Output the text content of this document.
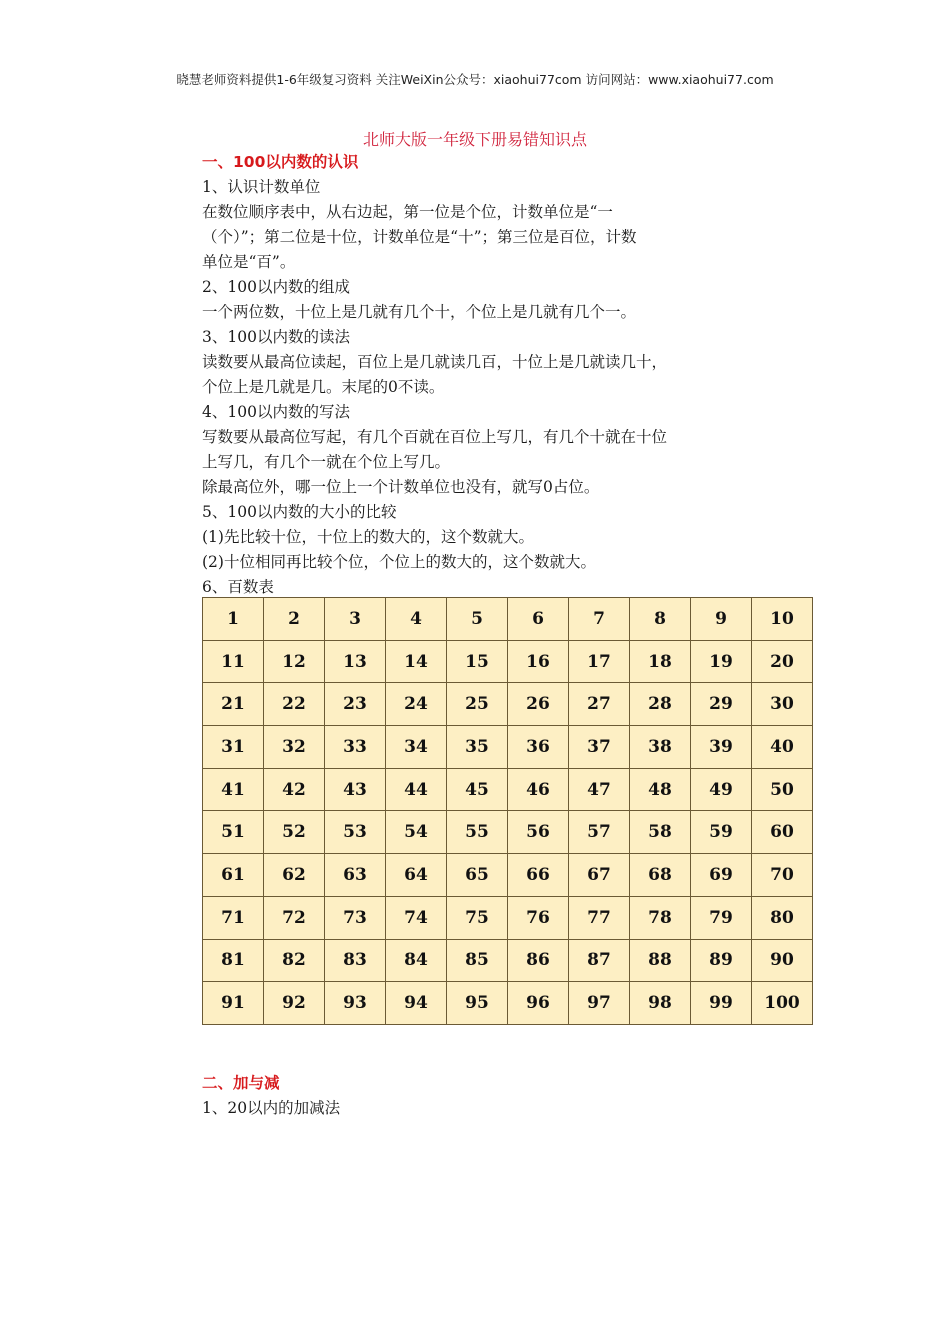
晓慧老师资料提供1-6年级复习资料 关注WeiXin公众号：xiaohui77com 访问网站：www.xiaohui77.com
北师大版一年级下册易错知识点
一、100以内数的认识
1、认识计数单位
在数位顺序表中，从右边起，第一位是个位，计数单位是“一
（个）”；第二位是十位，计数单位是“十”；第三位是百位，计数
单位是“百”。
2、100以内数的组成
一个两位数，十位上是几就有几个十，个位上是几就有几个一。
3、100以内数的读法
读数要从最高位读起，百位上是几就读几百，十位上是几就读几十，
个位上是几就是几。末尾的0不读。
4、100以内数的写法
写数要从最高位写起，有几个百就在百位上写几，有几个十就在十位
上写几，有几个一就在个位上写几。
除最高位外，哪一位上一个计数单位也没有，就写0占位。
5、100以内数的大小的比较
(1)先比较十位，十位上的数大的，这个数就大。
(2)十位相同再比较个位，个位上的数大的，这个数就大。
6、百数表
1	2	3	4	5	6	7	8	9	10
11	12	13	14	15	16	17	18	19	20
21	22	23	24	25	26	27	28	29	30
31	32	33	34	35	36	37	38	39	40
41	42	43	44	45	46	47	48	49	50
51	52	53	54	55	56	57	58	59	60
61	62	63	64	65	66	67	68	69	70
71	72	73	74	75	76	77	78	79	80
81	82	83	84	85	86	87	88	89	90
91	92	93	94	95	96	97	98	99	100
二、加与减
1、20以内的加减法
